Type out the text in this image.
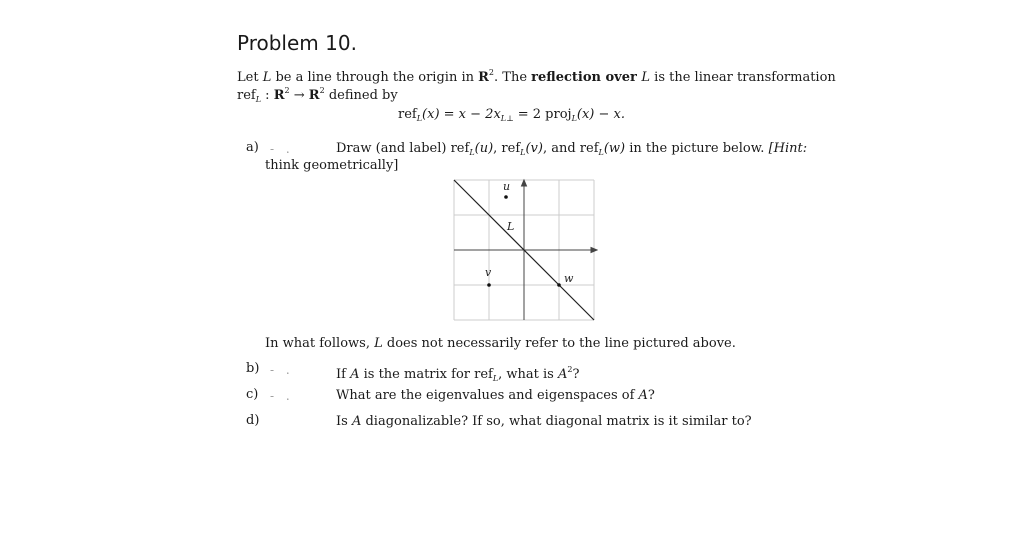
Problem 10.
Let L be a line through the origin in $R^2$. The reflection over L is the linear transformation
ref$_L$ : $R^2 \to R^2$ defined by
$ref_L(x) = x - 2x_{L\perp} = 2$ proj$_L$(x) − x.
a) - .	Draw (and label) ref$_L$(u), ref$_L$(v), and ref$_L$(w) in the picture below. [Hint:
think geometrically]
u
v	w
L
In what follows, L does not necessarily refer to the line pictured above.
b) - .	If A is the matrix for ref$_L$, what is $A^2$?
c) - .	What are the eigenvalues and eigenspaces of A?
d)	Is A diagonalizable? If so, what diagonal matrix is it similar to?
